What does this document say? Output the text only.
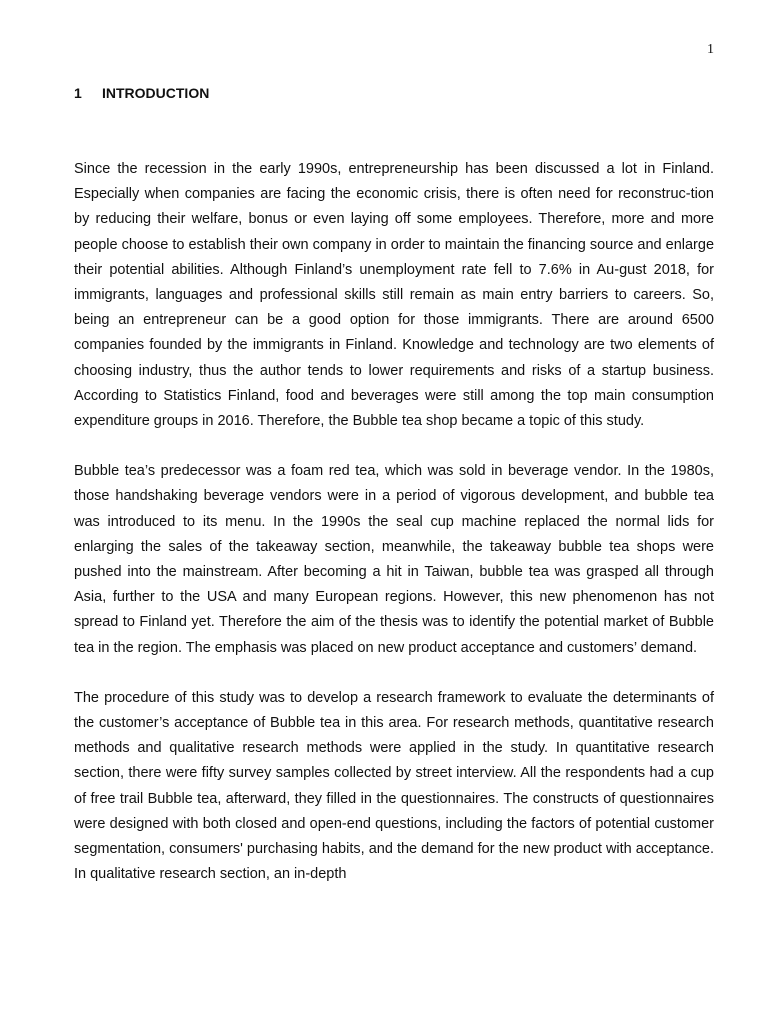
1
1 INTRODUCTION

Since the recession in the early 1990s, entrepreneurship has been discussed a lot in Finland. Especially when companies are facing the economic crisis, there is often need for reconstruc-tion by reducing their welfare, bonus or even laying off some employees. Therefore, more and more people choose to establish their own company in order to maintain the financing source and enlarge their potential abilities. Although Finland’s unemployment rate fell to 7.6% in Au-gust 2018, for immigrants, languages and professional skills still remain as main entry barriers to careers. So, being an entrepreneur can be a good option for those immigrants. There are around 6500 companies founded by the immigrants in Finland. Knowledge and technology are two elements of choosing industry, thus the author tends to lower requirements and risks of a startup business. According to Statistics Finland, food and beverages were still among the top main consumption expenditure groups in 2016. Therefore, the Bubble tea shop became a topic of this study.

Bubble tea’s predecessor was a foam red tea, which was sold in beverage vendor. In the 1980s, those handshaking beverage vendors were in a period of vigorous development, and bubble tea was introduced to its menu. In the 1990s the seal cup machine replaced the normal lids for enlarging the sales of the takeaway section, meanwhile, the takeaway bubble tea shops were pushed into the mainstream. After becoming a hit in Taiwan, bubble tea was grasped all through Asia, further to the USA and many European regions. However, this new phenomenon has not spread to Finland yet. Therefore the aim of the thesis was to identify the potential market of Bubble tea in the region. The emphasis was placed on new product acceptance and customers’ demand.

The procedure of this study was to develop a research framework to evaluate the determinants of the customer’s acceptance of Bubble tea in this area. For research methods, quantitative research methods and qualitative research methods were applied in the study. In quantitative research section, there were fifty survey samples collected by street interview. All the respondents had a cup of free trail Bubble tea, afterward, they filled in the questionnaires. The constructs of questionnaires were designed with both closed and open-end questions, including the factors of potential customer segmentation, consumers' purchasing habits, and the demand for the new product with acceptance. In qualitative research section, an in-depth
